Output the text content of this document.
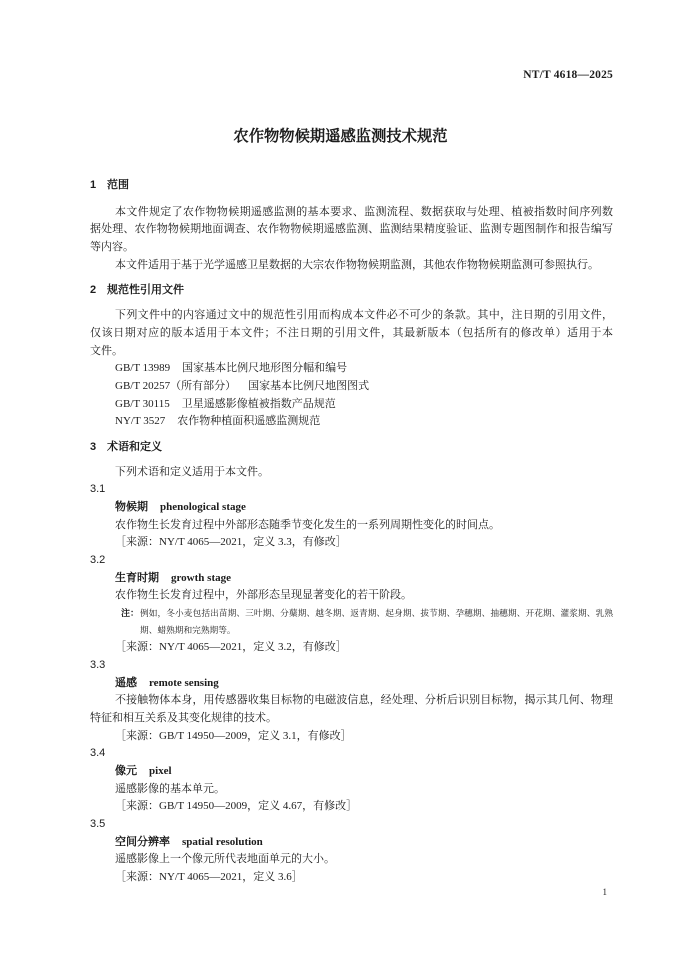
NT/T 4618—2025
农作物物候期遥感监测技术规范
1 范围
本文件规定了农作物物候期遥感监测的基本要求、监测流程、数据获取与处理、植被指数时间序列数
据处理、农作物物候期地面调查、农作物物候期遥感监测、监测结果精度验证、监测专题图制作和报告编写
等内容。
本文件适用于基于光学遥感卫星数据的大宗农作物物候期监测，其他农作物物候期监测可参照执行。
2 规范性引用文件
下列文件中的内容通过文中的规范性引用而构成本文件必不可少的条款。其中，注日期的引用文件，
仅该日期对应的版本适用于本文件；不注日期的引用文件，其最新版本（包括所有的修改单）适用于本
文件。
GB/T 13989 国家基本比例尺地形图分幅和编号
GB/T 20257（所有部分） 国家基本比例尺地图图式
GB/T 30115 卫星遥感影像植被指数产品规范
NY/T 3527 农作物种植面积遥感监测规范
3 术语和定义
下列术语和定义适用于本文件。
3.1
物候期 phenological stage
农作物生长发育过程中外部形态随季节变化发生的一系列周期性变化的时间点。
［来源：NY/T 4065—2021，定义 3.3，有修改］
3.2
生育时期 growth stage
农作物生长发育过程中，外部形态呈现显著变化的若干阶段。
注： 例如，冬小麦包括出苗期、三叶期、分蘖期、越冬期、返青期、起身期、拔节期、孕穗期、抽穗期、开花期、灌浆期、乳熟
期、蜡熟期和完熟期等。
［来源：NY/T 4065—2021，定义 3.2，有修改］
3.3
遥感 remote sensing
不接触物体本身，用传感器收集目标物的电磁波信息，经处理、分析后识别目标物，揭示其几何、物理
特征和相互关系及其变化规律的技术。
［来源：GB/T 14950—2009，定义 3.1，有修改］
3.4
像元 pixel
遥感影像的基本单元。
［来源：GB/T 14950—2009，定义 4.67，有修改］
3.5
空间分辨率 spatial resolution
遥感影像上一个像元所代表地面单元的大小。
［来源：NY/T 4065—2021，定义 3.6］
1
